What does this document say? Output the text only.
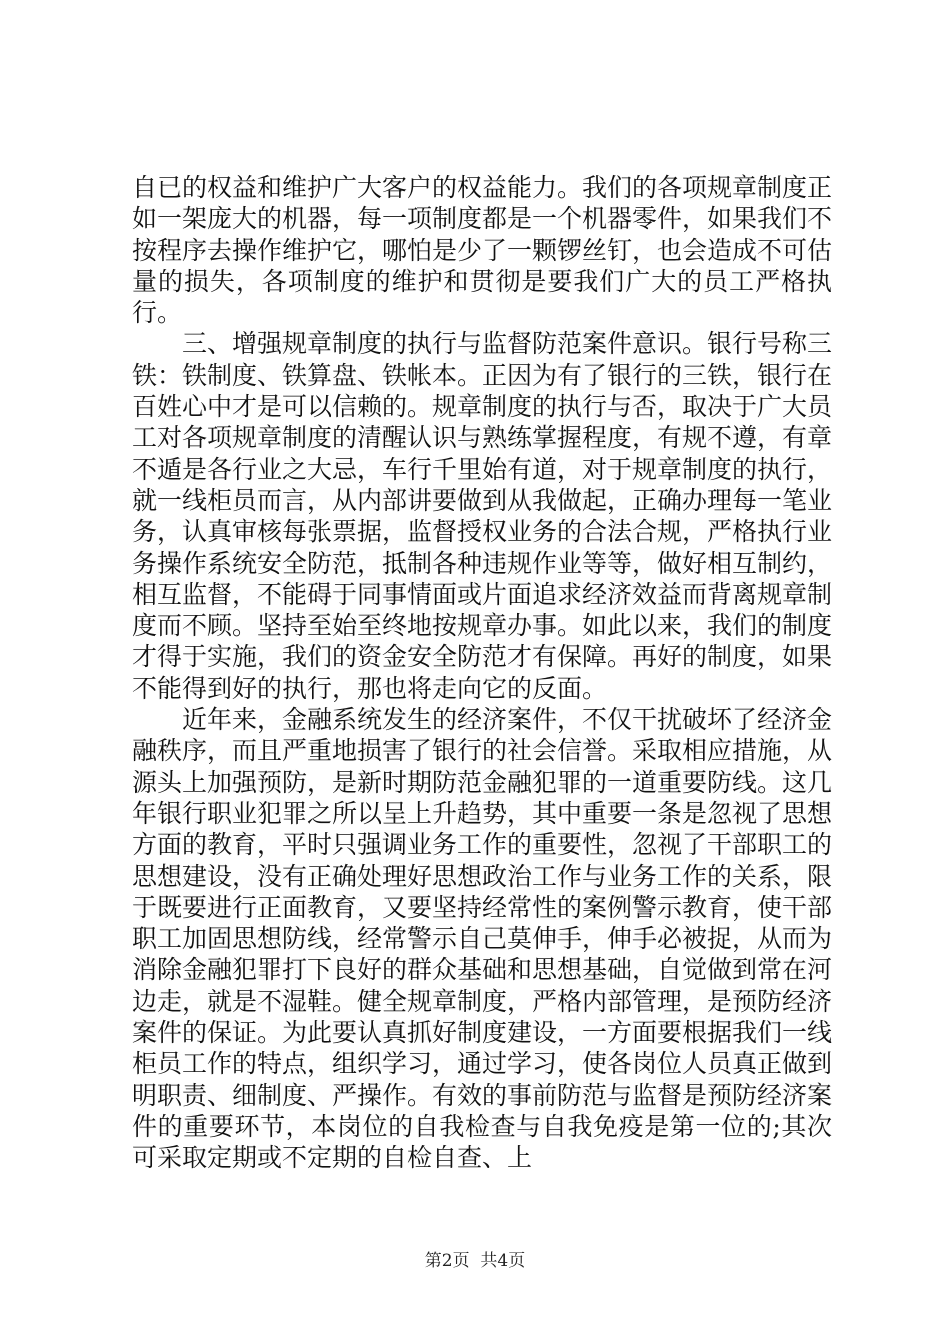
自已的权益和维护广大客户的权益能力。我们的各项规章制度正如一架庞大的机器，每一项制度都是一个机器零件，如果我们不按程序去操作维护它，哪怕是少了一颗锣丝钉，也会造成不可估量的损失，各项制度的维护和贯彻是要我们广大的员工严格执行。

三、增强规章制度的执行与监督防范案件意识。银行号称三铁：铁制度、铁算盘、铁帐本。正因为有了银行的三铁，银行在百姓心中才是可以信赖的。规章制度的执行与否，取决于广大员工对各项规章制度的清醒认识与熟练掌握程度，有规不遵，有章不遁是各行业之大忌，车行千里始有道，对于规章制度的执行，就一线柜员而言，从内部讲要做到从我做起，正确办理每一笔业务，认真审核每张票据，监督授权业务的合法合规，严格执行业务操作系统安全防范，抵制各种违规作业等等，做好相互制约，相互监督，不能碍于同事情面或片面追求经济效益而背离规章制度而不顾。坚持至始至终地按规章办事。如此以来，我们的制度才得于实施，我们的资金安全防范才有保障。再好的制度，如果不能得到好的执行，那也将走向它的反面。

近年来，金融系统发生的经济案件，不仅干扰破坏了经济金融秩序，而且严重地损害了银行的社会信誉。采取相应措施，从源头上加强预防，是新时期防范金融犯罪的一道重要防线。这几年银行职业犯罪之所以呈上升趋势，其中重要一条是忽视了思想方面的教育，平时只强调业务工作的重要性，忽视了干部职工的思想建设，没有正确处理好思想政治工作与业务工作的关系，限于既要进行正面教育，又要坚持经常性的案例警示教育，使干部职工加固思想防线，经常警示自己莫伸手，伸手必被捉，从而为消除金融犯罪打下良好的群众基础和思想基础，自觉做到常在河边走，就是不湿鞋。健全规章制度，严格内部管理，是预防经济案件的保证。为此要认真抓好制度建设，一方面要根据我们一线柜员工作的特点，组织学习，通过学习，使各岗位人员真正做到明职责、细制度、严操作。有效的事前防范与监督是预防经济案件的重要环节，本岗位的自我检查与自我免疫是第一位的;其次可采取定期或不定期的自检自查、上

第2页 共4页
